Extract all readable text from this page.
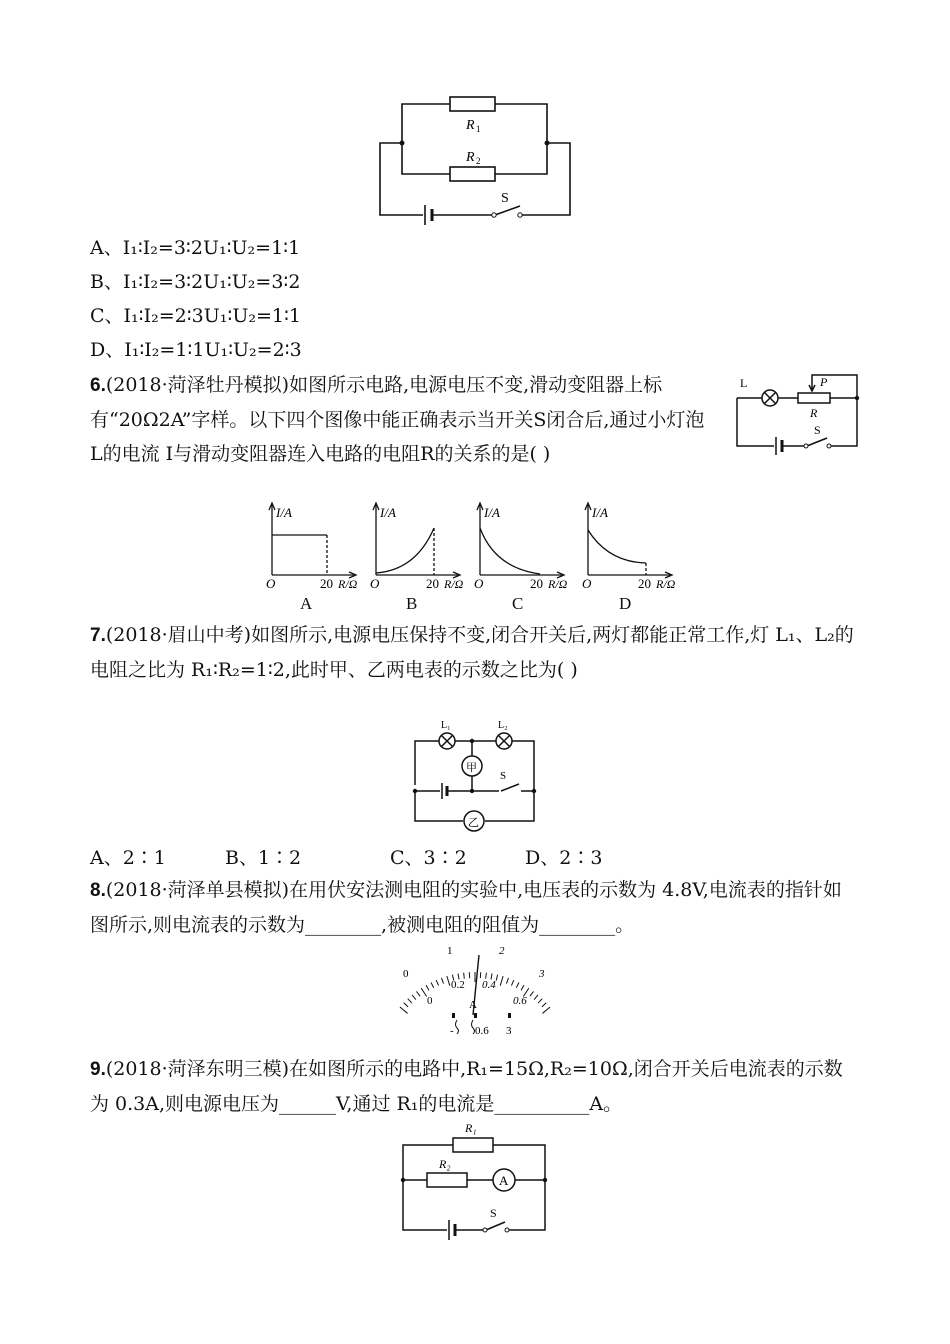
R 1
R 2
S
A、I₁∶I₂=3∶2U₁∶U₂=1∶1
B、I₁∶I₂=3∶2U₁∶U₂=3∶2
C、I₁∶I₂=2∶3U₁∶U₂=1∶1
D、I₁∶I₂=1∶1U₁∶U₂=2∶3
6.(2018·菏泽牡丹模拟)如图所示电路,电源电压不变,滑动变阻器上标有“20Ω2A”字样。以下四个图像中能正确表示当开关S闭合后,通过小灯泡L的电流 I与滑动变阻器连入电路的电阻R的关系的是( )
L	P
R
S
I/A
O	20 R/Ω
I/A
O	20 R/Ω
I/A
O	20 R/Ω
I/A
O	20 R/Ω
A	B	C	D
7.(2018·眉山中考)如图所示,电源电压保持不变,闭合开关后,两灯都能正常工作,灯 L₁、L₂的电阻之比为 R₁∶R₂=1∶2,此时甲、乙两电表的示数之比为( )
L₁	L₂
甲
乙
S
A、2∶1	B、1∶2	C、3∶2	D、2∶3
8.(2018·菏泽单县模拟)在用伏安法测电阻的实验中,电压表的示数为 4.8V,电流表的指针如图所示,则电流表的示数为________,被测电阻的阻值为________。
0
1	2
3
0
0.2 0.4
0.6
A
- 0.6 3
9.(2018·菏泽东明三模)在如图所示的电路中,R₁=15Ω,R₂=10Ω,闭合开关后电流表的示数为 0.3A,则电源电压为______V,通过 R₁的电流是__________A。
R₁
R₂
A
S
